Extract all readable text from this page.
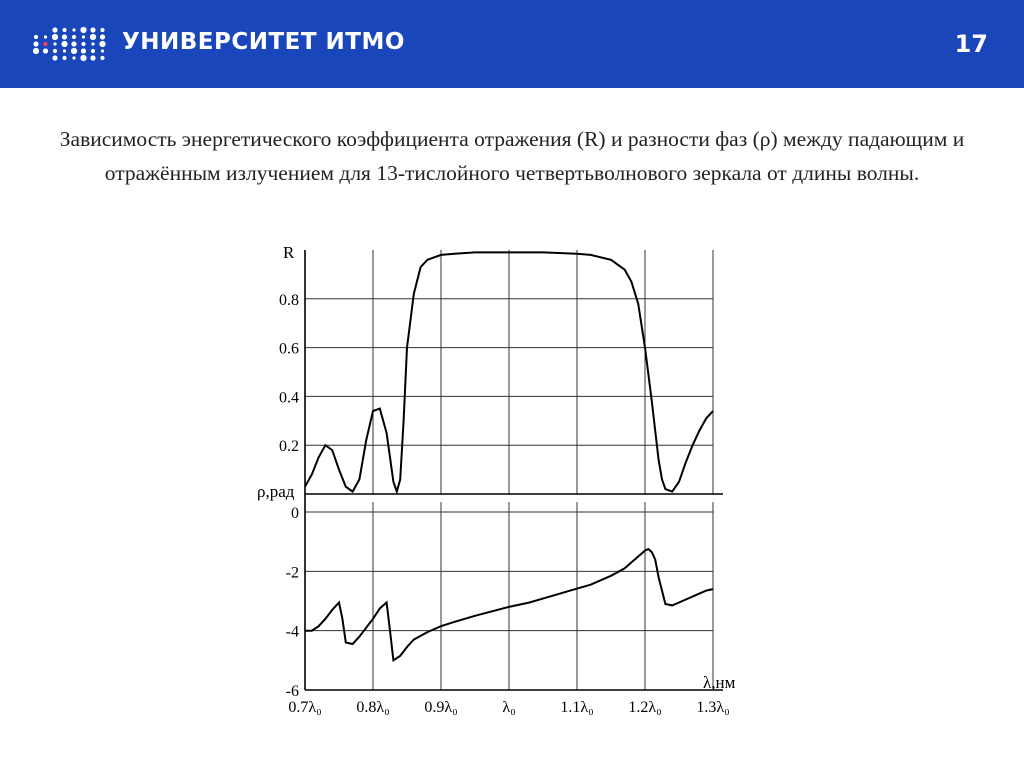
УНИВЕРСИТЕТ ИТМО	17
Зависимость энергетического коэффициента отражения (R) и разности фаз (ρ) между падающим и отражённым излучением для 13-тислойного четвертьволнового зеркала от длины волны.
R
0.2
0.4
0.6
0.8
ρ,рад
λ,нм
0
-2
-4
-6
0.7λ₀ 0.8λ₀ 0.9λ₀	λ₀	1.1λ₀ 1.2λ₀ 1.3λ₀
